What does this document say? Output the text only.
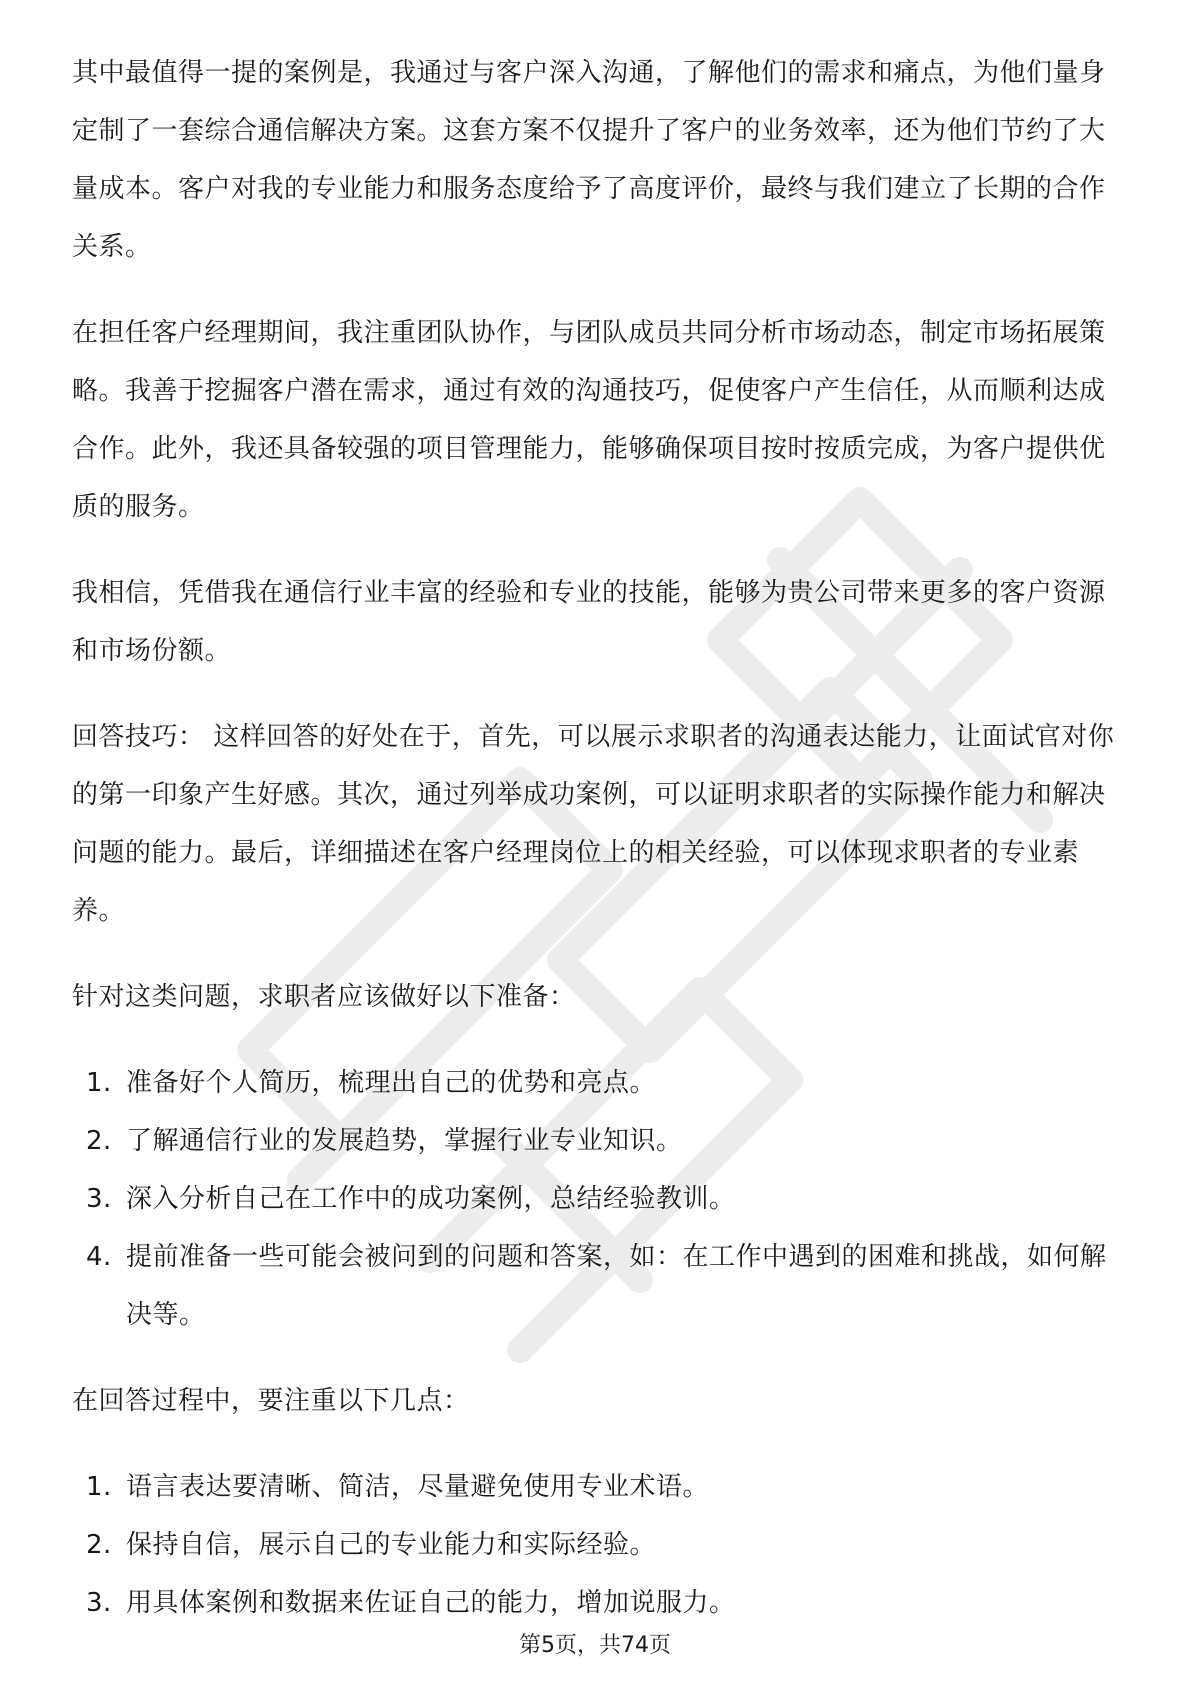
其中最值得一提的案例是，我通过与客户深入沟通，了解他们的需求和痛点，为他们量身定制了一套综合通信解决方案。这套方案不仅提升了客户的业务效率，还为他们节约了大量成本。客户对我的专业能力和服务态度给予了高度评价，最终与我们建立了长期的合作关系。

在担任客户经理期间，我注重团队协作，与团队成员共同分析市场动态，制定市场拓展策略。我善于挖掘客户潜在需求，通过有效的沟通技巧，促使客户产生信任，从而顺利达成合作。此外，我还具备较强的项目管理能力，能够确保项目按时按质完成，为客户提供优质的服务。

我相信，凭借我在通信行业丰富的经验和专业的技能，能够为贵公司带来更多的客户资源和市场份额。

回答技巧： 这样回答的好处在于，首先，可以展示求职者的沟通表达能力，让面试官对你的第一印象产生好感。其次，通过列举成功案例，可以证明求职者的实际操作能力和解决问题的能力。最后，详细描述在客户经理岗位上的相关经验，可以体现求职者的专业素养。

针对这类问题，求职者应该做好以下准备：

1. 准备好个人简历，梳理出自己的优势和亮点。
2. 了解通信行业的发展趋势，掌握行业专业知识。
3. 深入分析自己在工作中的成功案例，总结经验教训。
4. 提前准备一些可能会被问到的问题和答案，如：在工作中遇到的困难和挑战，如何解决等。

在回答过程中，要注重以下几点：

1. 语言表达要清晰、简洁，尽量避免使用专业术语。
2. 保持自信，展示自己的专业能力和实际经验。
3. 用具体案例和数据来佐证自己的能力，增加说服力。
第5页，共74页
